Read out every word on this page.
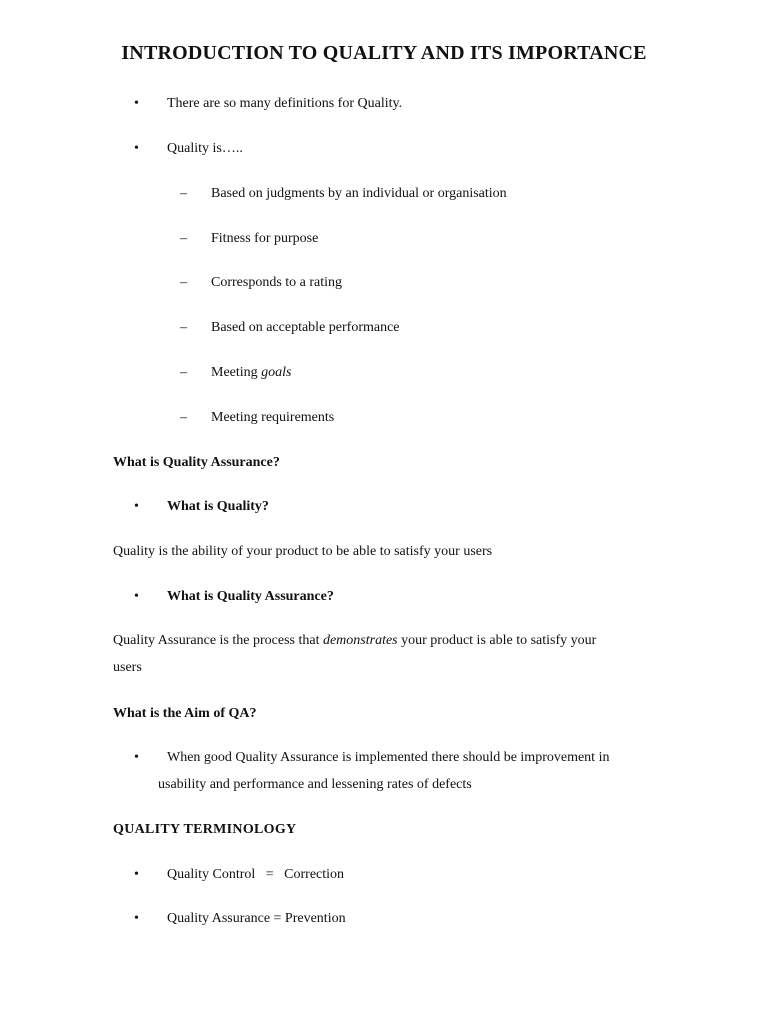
INTRODUCTION TO QUALITY AND ITS IMPORTANCE
• There are so many definitions for Quality.
• Quality is…..
– Based on judgments by an individual or organisation
– Fitness for purpose
– Corresponds to a rating
– Based on acceptable performance
– Meeting goals
– Meeting requirements
What is Quality Assurance?
• What is Quality?
Quality is the ability of your product to be able to satisfy your users
• What is Quality Assurance?
Quality Assurance is the process that demonstrates your product is able to satisfy your
users
What is the Aim of QA?
• When good Quality Assurance is implemented there should be improvement in
usability and performance and lessening rates of defects
QUALITY TERMINOLOGY
• Quality Control   =   Correction
• Quality Assurance = Prevention
